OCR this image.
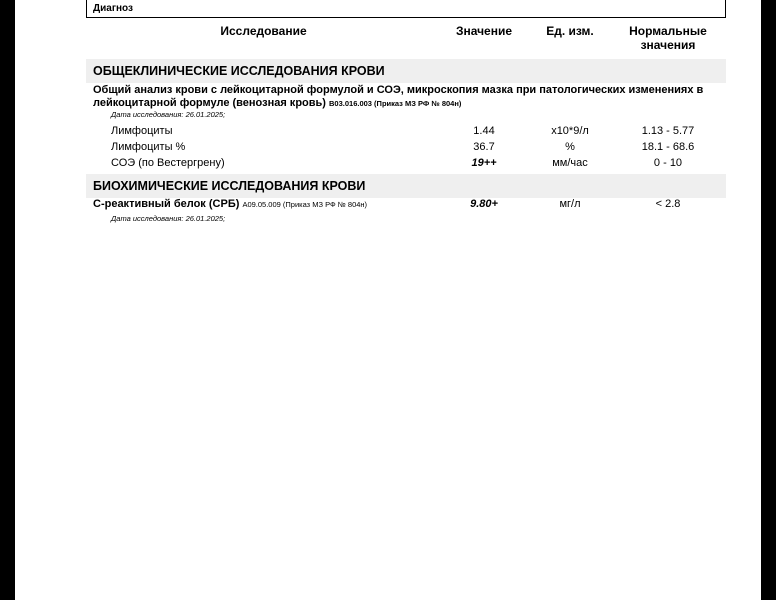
Диагноз
Исследование	Значение	Ед. изм.	Нормальные
значения
ОБЩЕКЛИНИЧЕСКИЕ ИССЛЕДОВАНИЯ КРОВИ
Общий анализ крови с лейкоцитарной формулой и СОЭ, микроскопия мазка при патологических изменениях в лейкоцитарной формуле (венозная кровь) B03.016.003 (Приказ МЗ РФ № 804н)
Дата исследования: 26.01.2025;
Лимфоциты	1.44	x10*9/л	1.13 - 5.77
Лимфоциты %	36.7	%	18.1 - 68.6
СОЭ (по Вестергрену)	19++	мм/час	0 - 10
БИОХИМИЧЕСКИЕ ИССЛЕДОВАНИЯ КРОВИ
С-реактивный белок (СРБ) A09.05.009 (Приказ МЗ РФ № 804н)	9.80+	мг/л	< 2.8
Дата исследования: 26.01.2025;
